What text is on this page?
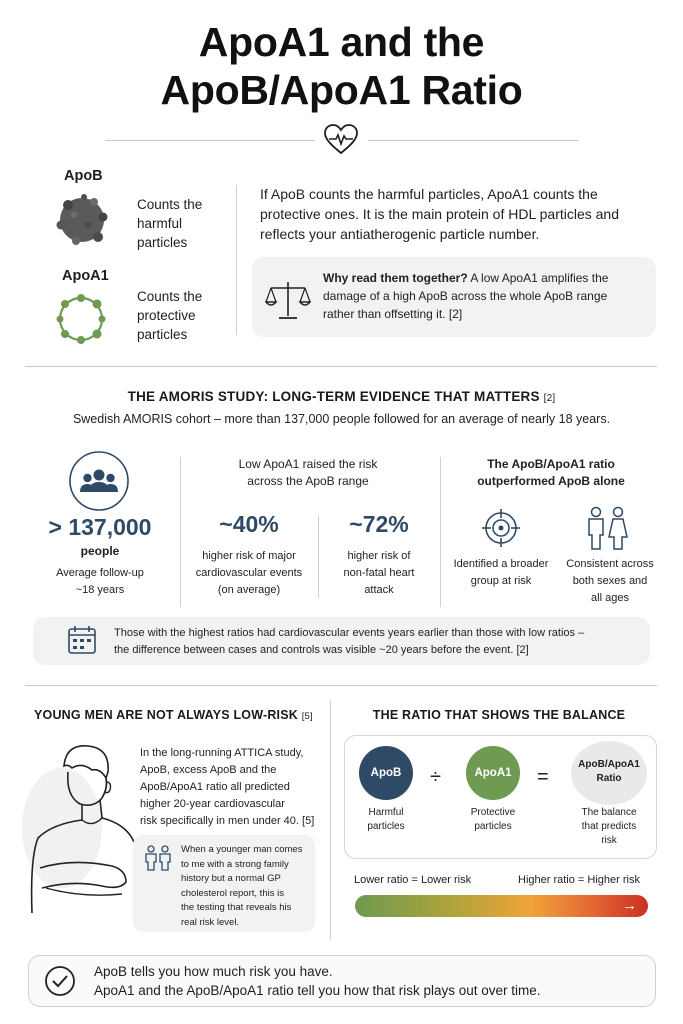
ApoA1 and the
ApoB/ApoA1 Ratio
ApoB
Counts the
harmful
particles
ApoA1
Counts the
protective
particles
If ApoB counts the harmful particles, ApoA1 counts the
protective ones. It is the main protein of HDL particles and
reflects your antiatherogenic particle number.
Why read them together? A low ApoA1 amplifies the
damage of a high ApoB across the whole ApoB range
rather than offsetting it. [2]
THE AMORIS STUDY: LONG-TERM EVIDENCE THAT MATTERS [2]
Swedish AMORIS cohort – more than 137,000 people followed for an average of nearly 18 years.
> 137,000
people
Average follow-up
~18 years
Low ApoA1 raised the risk
across the ApoB range
~40%
higher risk of major
cardiovascular events
(on average)
~72%
higher risk of
non-fatal heart
attack
The ApoB/ApoA1 ratio
outperformed ApoB alone
Identified a broader
group at risk
Consistent across
both sexes and
all ages
Those with the highest ratios had cardiovascular events years earlier than those with low ratios –
the difference between cases and controls was visible ~20 years before the event. [2]
YOUNG MEN ARE NOT ALWAYS LOW-RISK [5]
In the long-running ATTICA study,
ApoB, excess ApoB and the
ApoB/ApoA1 ratio all predicted
higher 20-year cardiovascular
risk specifically in men under 40. [5]
When a younger man comes
to me with a strong family
history but a normal GP
cholesterol report, this is
the testing that reveals his
real risk level.
THE RATIO THAT SHOWS THE BALANCE
ApoB	÷	ApoA1	=
ApoB/ApoA1
Ratio
Harmful
particles
Protective
particles
The balance
that predicts
risk
Lower ratio = Lower risk	Higher ratio = Higher risk
→
ApoB tells you how much risk you have.
ApoA1 and the ApoB/ApoA1 ratio tell you how that risk plays out over time.
